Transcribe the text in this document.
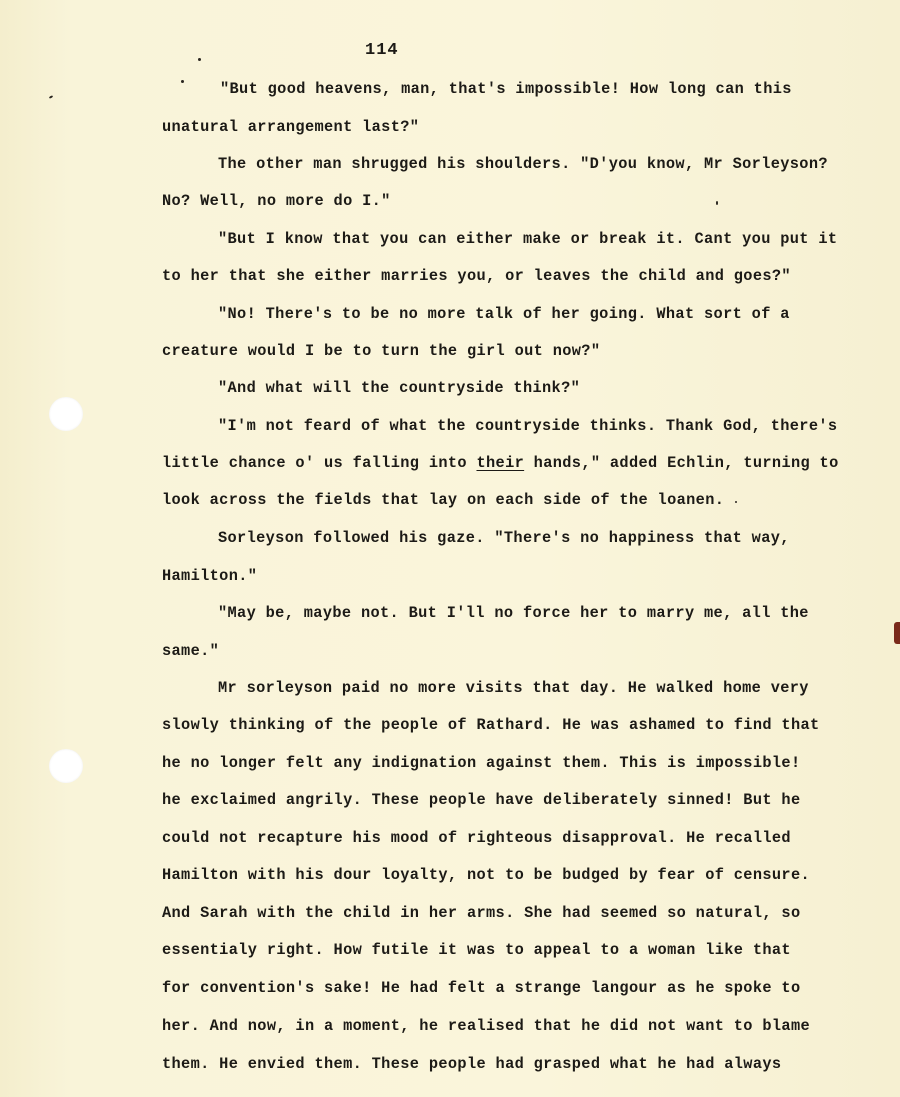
114
"But good heavens, man, that's impossible! How long can this
unatural arrangement last?"
The other man shrugged his shoulders. "D'you know, Mr Sorleyson?
No? Well, no more do I."
"But I know that you can either make or break it. Cant you put it
to her that she either marries you, or leaves the child and goes?"
"No! There's to be no more talk of her going. What sort of a
creature would I be to turn the girl out now?"
"And what will the countryside think?"
"I'm not feard of what the countryside thinks. Thank God, there's
little chance o' us falling into their hands," added Echlin, turning to
look across the fields that lay on each side of the loanen.
Sorleyson followed his gaze. "There's no happiness that way,
Hamilton."
"May be, maybe not. But I'll no force her to marry me, all the
same."
Mr sorleyson paid no more visits that day. He walked home very
slowly thinking of the people of Rathard. He was ashamed to find that
he no longer felt any indignation against them. This is impossible!
he exclaimed angrily. These people have deliberately sinned! But he
could not recapture his mood of righteous disapproval. He recalled
Hamilton with his dour loyalty, not to be budged by fear of censure.
And Sarah with the child in her arms. She had seemed so natural, so
essentialy right. How futile it was to appeal to a woman like that
for convention's sake! He had felt a strange langour as he spoke to
her. And now, in a moment, he realised that he did not want to blame
them. He envied them. These people had grasped what he had always
